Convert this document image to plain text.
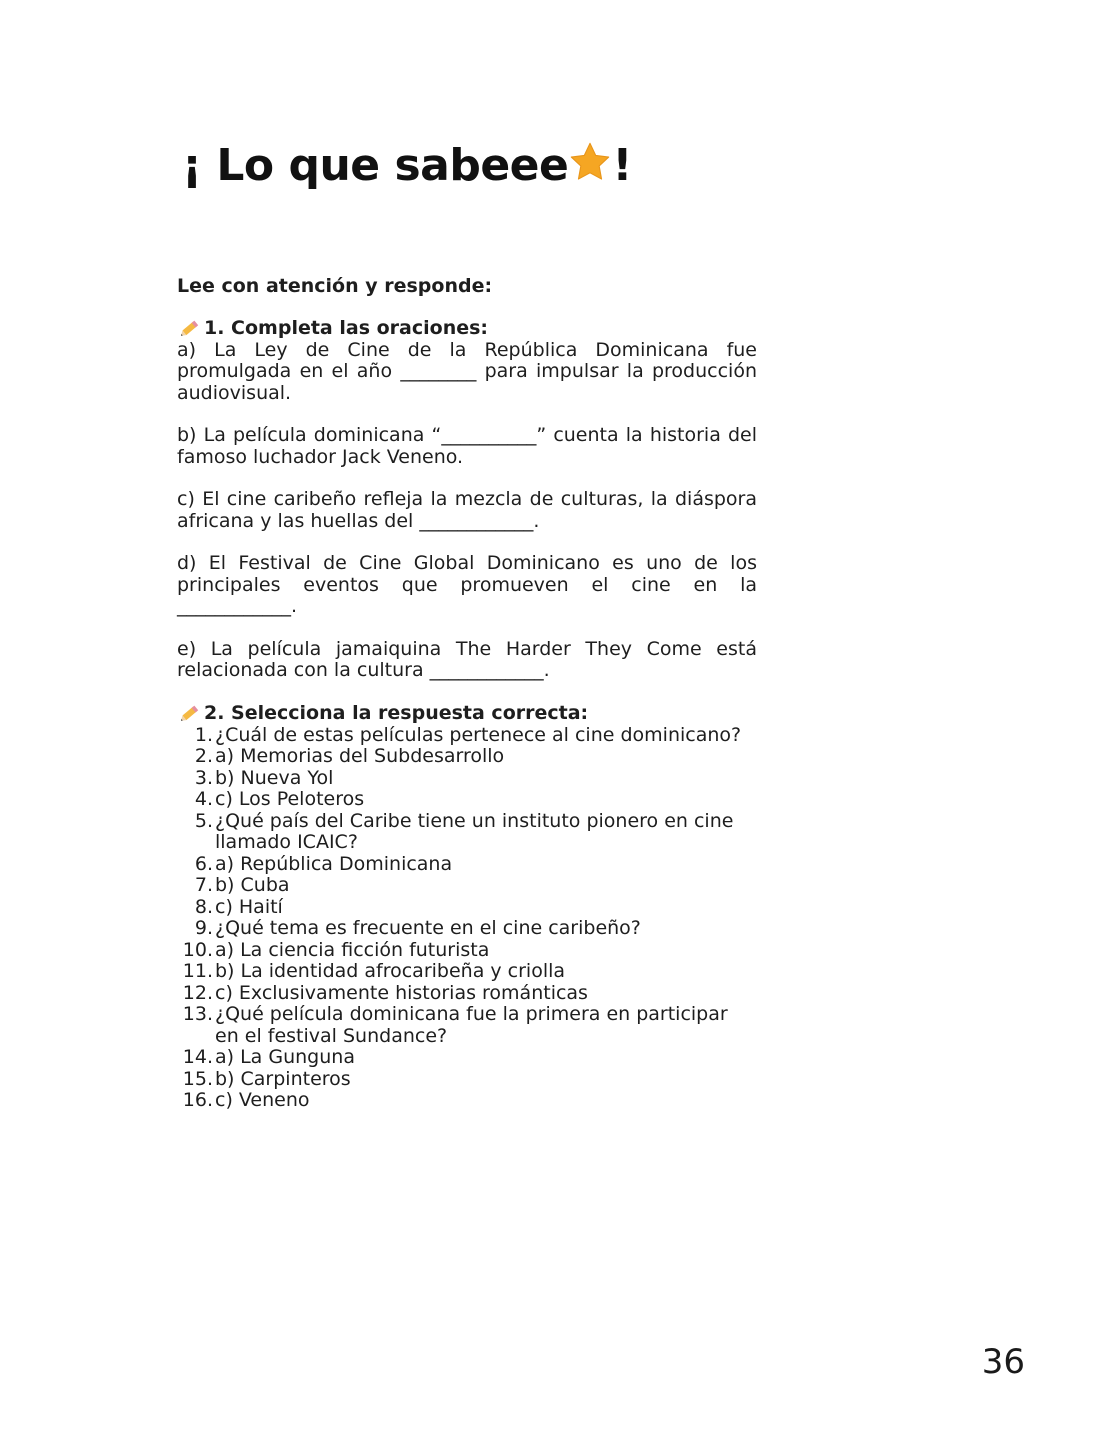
¡ Lo que sabeee !

Lee con atención y responde:

1. Completa las oraciones:

a) La Ley de Cine de la República Dominicana fue promulgada en el año ________ para impulsar la producción audiovisual.

b) La película dominicana “__________” cuenta la historia del famoso luchador Jack Veneno.

c) El cine caribeño refleja la mezcla de culturas, la diáspora africana y las huellas del ____________.

d) El Festival de Cine Global Dominicano es uno de los principales eventos que promueven el cine en la ____________.

e) La película jamaiquina The Harder They Come está relacionada con la cultura ____________.

2. Selecciona la respuesta correcta:

1. ¿Cuál de estas películas pertenece al cine dominicano?
2. a) Memorias del Subdesarrollo
3. b) Nueva Yol
4. c) Los Peloteros
5. ¿Qué país del Caribe tiene un instituto pionero en cine llamado ICAIC?
6. a) República Dominicana
7. b) Cuba
8. c) Haití
9. ¿Qué tema es frecuente en el cine caribeño?
10. a) La ciencia ficción futurista
11. b) La identidad afrocaribeña y criolla
12. c) Exclusivamente historias románticas
13. ¿Qué película dominicana fue la primera en participar en el festival Sundance?
14. a) La Gunguna
15. b) Carpinteros
16. c) Veneno
36
